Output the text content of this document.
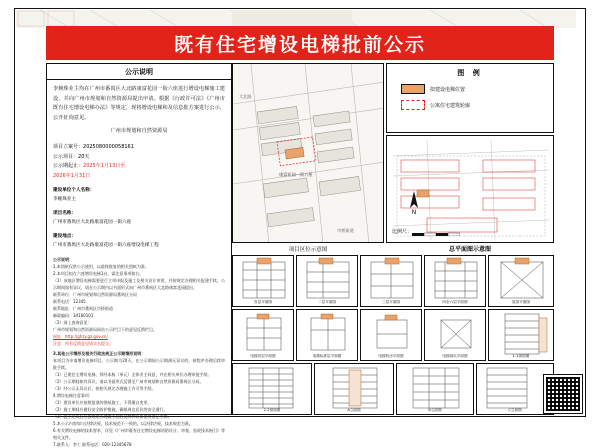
既有住宅增设电梯批前公示
公示说明
李婉珠业主均在广州市番禺区大北路康富花园一街六座进行增设电梯施工建设，并向广州市规划和自然资源局提出申请。根据《行政许可法》《广州市既有住宅增设电梯办法》等规定，现将增设电梯和及信息批方案进行公示，公开征询意见。
广州市规划和自然资源局
项目立案号：2025080000058161
公示项目：20天
公示期起止：2025年1月13日至
2026年1月31日
建设单位个人名称：
李婉珠业主
项目名称：
广州市番禺区大北路康富花园一街六座
建设地点：
广州市番禺区大北路康富花园一街六座增设电梯工程
公示说明：
1.本图纸仅供公示使用，以最终批复的相关图纸为准。
2.本项目拟在六座增设电梯1台，需注意事项如右。
（1）该地区增设电梯需要进行立项申报及施工及相关设计审图，并按规定办理相关报建手续。公示期间如有异议，请在公示期内以书面形式向广州市番禺区大北路康富花园提出。
联系单位：广州市规划和自然资源局番禺区分局
联系电话：12345
联系地址：广州市番禺区市桥街道
邮政编码：34160101
（2）网上查询意见：
广州市规划和自然资源局网站公示栏目下的意见反馈栏目。
网址：http://ghzy.gz.gov.cn/
注意：所有反馈意见请实名提交。
3.其他公示情形及相关行政法规正公示期情形说明：
本项目为申请增设电梯项目，公示期为20天，在公示期间公示期满无异议的，按程序办理后续审批手续。
（1）已建住宅增设电梯，须经本栋（单元）全体业主同意，并在相关单位办理审批手续。
（2）公示期间如有异议，请以书面形式反馈至广州市规划和自然资源局番禺区分局。
（3）经公示无异议后，按相关规定办理施工许可等手续。
4.增设电梯注意事项：
（1）建设单位应按照批准的图纸施工，不得擅自变更。
（2）施工期间应做好安全防护措施，确保周边居民的安全通行。
（3）施工完成后应按规定办理竣工验收及特种设备使用登记手续。
5.本公示内容如与法律法规、技术规范不一致的，以法律法规、技术规范为准。
6.有关增设电梯的技术要求，详见《广州市既有住宅增设电梯消防设计、审查、验收技术指引》等相关文件。
7.联系人：李工 联系电话：020-12345678
康富花园一街六座
大北路
市桥街道
项目区位示意图
图 例
拟建设电梯位置
公寓住宅建筑轮廓
N
比例尺：
总平面图示意图
首层平面图	二层平面图	三层平面图	四至六层平面图	屋顶平面图
电梯首层平面图	电梯标准层平面图	电梯机房平面图	电梯基坑平面图	1-1剖面图
2-2剖面图	A立面图	B立面图	C立面图
